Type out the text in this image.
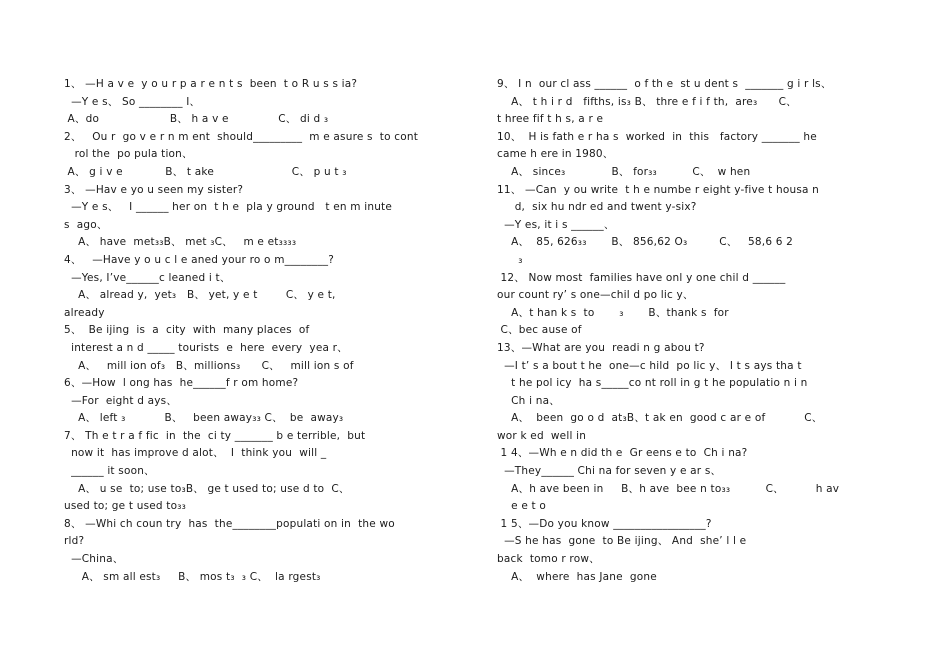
1、 —H a v e  y o u r p a r e n t s  been  t o R u s s ia?
—Y e s、 So ________ I、
A、do                    B、 h a v e              C、 di d ₃
2、   Ou r  go v e r n m ent  should_________  m e asure s  to cont
rol the  po pula tion、
A、 g i v e            B、 t ake                      C、 p u t ₃
3、 —Hav e yo u seen my sister?
—Y e s、   I ______ her on  t h e  pla y ground   t en m inute
s  ago、
A、 have  met₃₃B、 met ₃C、   m e et₃₃₃₃
4、   —Have y o u c l e aned your ro o m________?
—Yes, I’ve______c leaned i t、
A、 alread y,  yet₃   B、 yet, y e t        C、 y e t,
already
5、  Be ijing  is  a  city  with  many places  of
interest a n d _____ tourists  e  here  every  yea r、
A、   mill ion of₃   B、millions₃      C、   mill ion s of
6、—How  l ong has  he______f r om home?
—For  eight d ays、
A、 left ₃           B、   been away₃₃ C、  be  away₃
7、 Th e t r a f fic  in  the  ci ty _______ b e terrible,  but
now it  has improve d alot、  I  think you  will _
______ it soon、
A、 u se  to; use to₃B、 ge t used to; use d to  C、
used to; ge t used to₃₃
8、 —Whi ch coun try  has  the________populati on in  the wo
rld?
—China、
A、 sm all est₃     B、 mos t₃  ₃ C、  la rgest₃
9、 I n  our cl ass ______  o f th e  st u dent s  _______ g i r ls、
A、 t h i r d   fifths, is₃ B、 thre e f i f th,  are₃      C、
t hree fif t h s, a r e
10、  H is fath e r ha s  worked  in  this   factory _______ he
came h ere in 1980、
A、 since₃             B、 for₃₃          C、  w hen
11、 —Can  y ou write  t h e numbe r eight y-five t housa n
d,  six hu ndr ed and twent y-six?
—Y es, it i s ______、
A、  85, 626₃₃       B、 856,62 O₃         C、   58,6 6 2
₃
12、 Now most  families have onl y one chil d ______
our count ry’ s one—chil d po lic y、
A、t han k s  to       ₃       B、thank s  for
C、bec ause of
13、—What are you  readi n g abou t?
—I t’ s a bout t he  one—c hild  po lic y、 I t s ays tha t
t he pol icy  ha s_____co nt roll in g t he populatio n i n
Ch i na、
A、  been  go o d  at₃B、t ak en  good c ar e of           C、
wor k ed  well in
1 4、—Wh e n did th e  Gr eens e to  Ch i na?
—They______ Chi na for seven y e ar s、
A、h ave been in     B、h ave  bee n to₃₃          C、         h av
e e t o
1 5、—Do you know _________________?
—S he has  gone  to Be ijing、 And  she’ l l e
back  tomo r row、
A、  where  has Jane  gone
